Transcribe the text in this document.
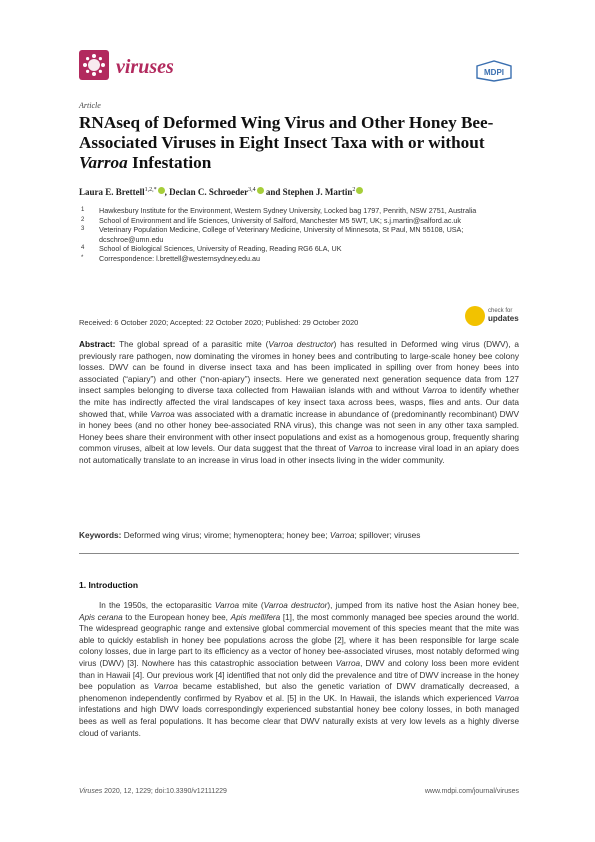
viruses	MDPI
Article
RNAseq of Deformed Wing Virus and Other Honey Bee-Associated Viruses in Eight Insect Taxa with or without Varroa Infestation
Laura E. Brettell$^{1,2,*}$ , Declan C. Schroeder$^{3,4}$ and Stephen J. Martin$^2$
1	Hawkesbury Institute for the Environment, Western Sydney University, Locked bag 1797, Penrith, NSW 2751, Australia
2	School of Environment and life Sciences, University of Salford, Manchester M5 5WT, UK; s.j.martin@salford.ac.uk
3	Veterinary Population Medicine, College of Veterinary Medicine, University of Minnesota, St Paul, MN 55108, USA; dcschroe@umn.edu
4	School of Biological Sciences, University of Reading, Reading RG6 6LA, UK
*	Correspondence: l.brettell@westernsydney.edu.au
check for
updates
Received: 6 October 2020; Accepted: 22 October 2020; Published: 29 October 2020
Abstract: The global spread of a parasitic mite (Varroa destructor) has resulted in Deformed wing virus (DWV), a previously rare pathogen, now dominating the viromes in honey bees and contributing to large-scale honey bee colony losses. DWV can be found in diverse insect taxa and has been implicated in spilling over from honey bees into associated (“apiary”) and other (“non-apiary”) insects. Here we generated next generation sequence data from 127 insect samples belonging to diverse taxa collected from Hawaiian islands with and without Varroa to identify whether the mite has indirectly affected the viral landscapes of key insect taxa across bees, wasps, flies and ants. Our data showed that, while Varroa was associated with a dramatic increase in abundance of (predominantly recombinant) DWV in honey bees (and no other honey bee-associated RNA virus), this change was not seen in any other taxa sampled. Honey bees share their environment with other insect populations and exist as a homogenous group, frequently sharing common viruses, albeit at low levels. Our data suggest that the threat of Varroa to increase viral load in an apiary does not automatically translate to an increase in virus load in other insects living in the wider community.
Keywords: Deformed wing virus; virome; hymenoptera; honey bee; Varroa; spillover; viruses
1. Introduction
In the 1950s, the ectoparasitic Varroa mite (Varroa destructor), jumped from its native host the Asian honey bee, Apis cerana to the European honey bee, Apis mellifera [1], the most commonly managed bee species around the world. The widespread geographic range and extensive global commercial movement of this species meant that the mite was able to quickly establish in honey bee populations across the globe [2], where it has been responsible for large scale colony losses, due in large part to its efficiency as a vector of honey bee-associated viruses, most notably deformed wing virus (DWV) [3]. Nowhere has this catastrophic association between Varroa, DWV and colony loss been more evident than in Hawaii [4]. Our previous work [4] identified that not only did the prevalence and titre of DWV increase in the honey bee population as Varroa became established, but also the genetic variation of DWV dramatically decreased, a phenomenon independently confirmed by Ryabov et al. [5] in the UK. In Hawaii, the islands which experienced Varroa infestations and high DWV loads correspondingly experienced substantial honey bee colony losses, in both managed bees as well as feral populations. It has become clear that DWV naturally exists at very low levels as a highly diverse cloud of variants.
Viruses 2020, 12, 1229; doi:10.3390/v12111229	www.mdpi.com/journal/viruses
